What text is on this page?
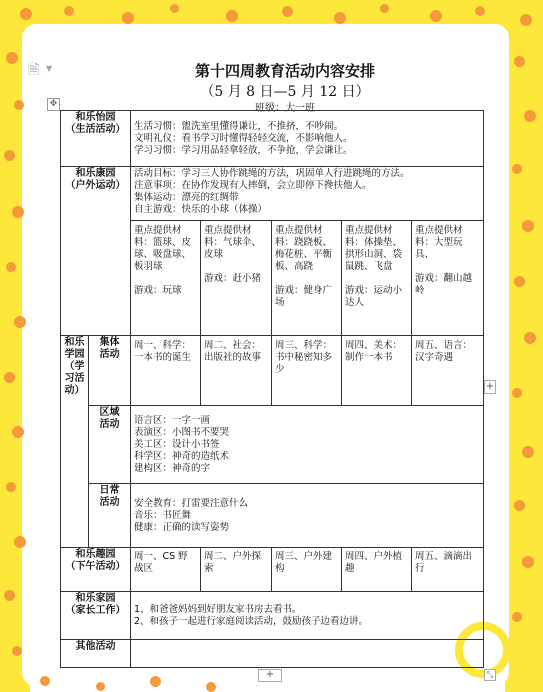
🗎 ▼
✥
第十四周教育活动内容安排
（5 月 8 日—5 月 12 日）
班级：大一班
和乐怡园
（生活活动）		生活习惯：盥洗室里懂得谦让，不推挤，不吵闹。
文明礼仪：看书学习时懂得轻轻交流，不影响他人。
学习习惯：学习用品轻拿轻放，不争抢，学会谦让。				

和乐康园
（户外运动）		活动目标：学习三人协作跳绳的方法，巩固单人行进跳绳的方法。
注意事项：在协作发现有人摔倒，会立即停下搀扶他人。
集体运动：漂亮的红绸带
自主游戏：快乐的小球（体操）				

		重点提供材料：篮球、皮球、吸盘球、板羽球
游戏：玩球	重点提供材料：气球伞、皮球
游戏：赶小猪	重点提供材料：跷跷板、梅花桩、平衡板、高跷
游戏：健身广场	重点提供材料：体操垫、拱形山洞、袋鼠跳、飞盘
游戏：运动小达人	重点提供材料：大型玩具、
游戏：翻山越岭

和乐
学园
（学
习活
动）	集体
活动	周一、科学：一本书的诞生	周二、社会：出版社的故事	周三、科学：书中秘密知多少	周四、美术：制作一本书	周五、语言：汉字奇遇

	区域
活动	语言区：一字一画
表演区：小图书不要哭
美工区：设计小书签
科学区：神奇的造纸术
建构区：神奇的字				

	日常
活动	安全教育：打雷要注意什么
音乐：书匠舞
健康：正确的读写姿势				

和乐趣园
（下午活动）		周一、CS 野战区	周二、户外探索	周三、户外建构	周四、户外植趣	周五、滴滴出行

和乐家园
（家长工作）		1、和爸爸妈妈到好朋友家书房去看书。
2、和孩子一起进行家庭阅读活动，鼓励孩子边看边讲。				

其他活动						
+
+	⤡
